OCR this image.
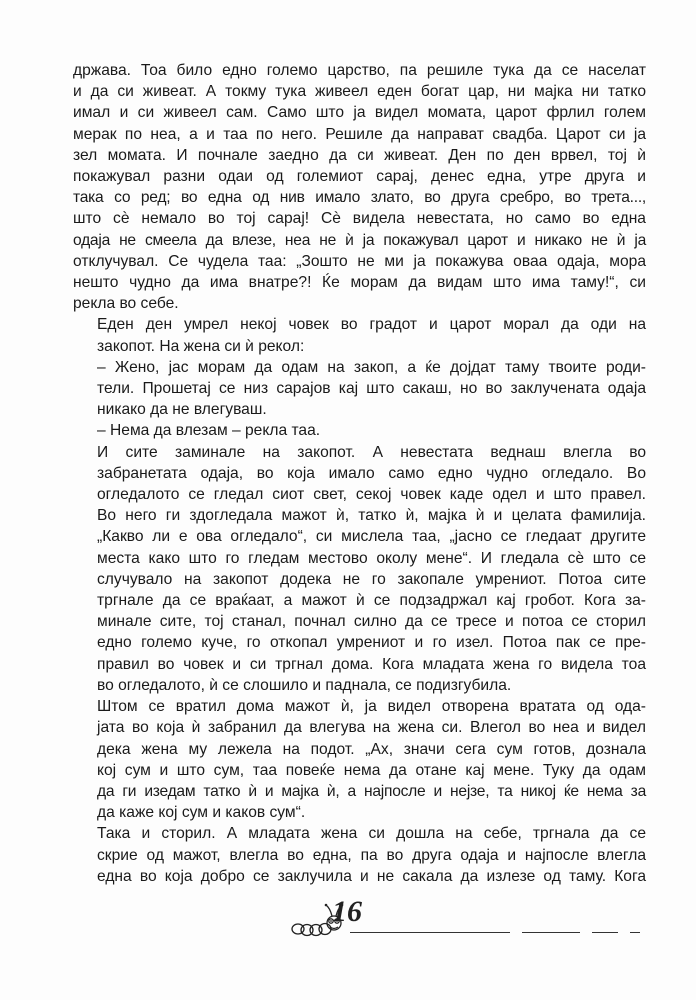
држава. Тоа било едно големо царство, па решиле тука да се населат
и да си живеат. А токму тука живеел еден богат цар, ни мајка ни татко
имал и си живеел сам. Само што ја видел момата, царот фрлил голем
мерак по неа, а и таа по него. Решиле да направат свадба. Царот си ја
зел момата. И почнале заедно да си живеат. Ден по ден врвел, тој ѝ
покажувал разни одаи од големиот сарај, денес една, утре друга и
така со ред; во една од нив имало злато, во друга сребро, во трета...,
што сѐ немало во тој сарај! Сѐ видела невестата, но само во една
одаја не смеела да влезе, неа не ѝ ја покажувал царот и никако не ѝ ја
отклучувал. Се чудела таа: „Зошто не ми ја покажува оваа одаја, мора
нешто чудно да има внатре?! Ќе морам да видам што има таму!“, си
рекла во себе.

Еден ден умрел некој човек во градот и царот морал да оди на
закопот. На жена си ѝ рекол:

– Жено, јас морам да одам на закоп, а ќе дојдат таму твоите роди-
тели. Прошетај се низ сарајов кај што сакаш, но во заклучената одаја
никако да не влегуваш.

– Нема да влезам – рекла таа.

И сите заминале на закопот. А невестата веднаш влегла во
забранетата одаја, во која имало само едно чудно огледало. Во
огледалото се гледал сиот свет, секој човек каде одел и што правел.
Во него ги здогледала мажот ѝ, татко ѝ, мајка ѝ и целата фамилија.
„Какво ли е ова огледало“, си мислела таа, „јасно се гледаат другите
места како што го гледам местово околу мене“. И гледала сѐ што се
случувало на закопот додека не го закопале умрениот. Потоа сите
тргнале да се враќаат, а мажот ѝ се подзадржал кај гробот. Кога за-
миналe сите, тој станал, почнал силно да се тресе и потоа се сторил
едно големо куче, го откопал умрениот и го изел. Потоа пак се пре-
правил во човек и си тргнал дома. Кога младата жена го видела тоа
во огледалото, ѝ се слошило и паднала, се подизгубила.

Штом се вратил дома мажот ѝ, ја видел отворена вратата од ода-
јата во која ѝ забранил да влегува на жена си. Влегол во неа и видел
дека жена му лежела на подот. „Ах, значи сега сум готов, дознала
кој сум и што сум, таа повеќе нема да отане кај мене. Туку да одам
да ги изедам татко ѝ и мајка ѝ, а најпосле и нејзе, та никој ќе нема за
да каже кој сум и каков сум“.

Така и сторил. А младата жена си дошла на себе, тргнала да се
скрие од мажот, влегла во една, па во друга одаја и најпосле влегла
една во која добро се заклучила и не сакала да излезе од таму. Кога

16
